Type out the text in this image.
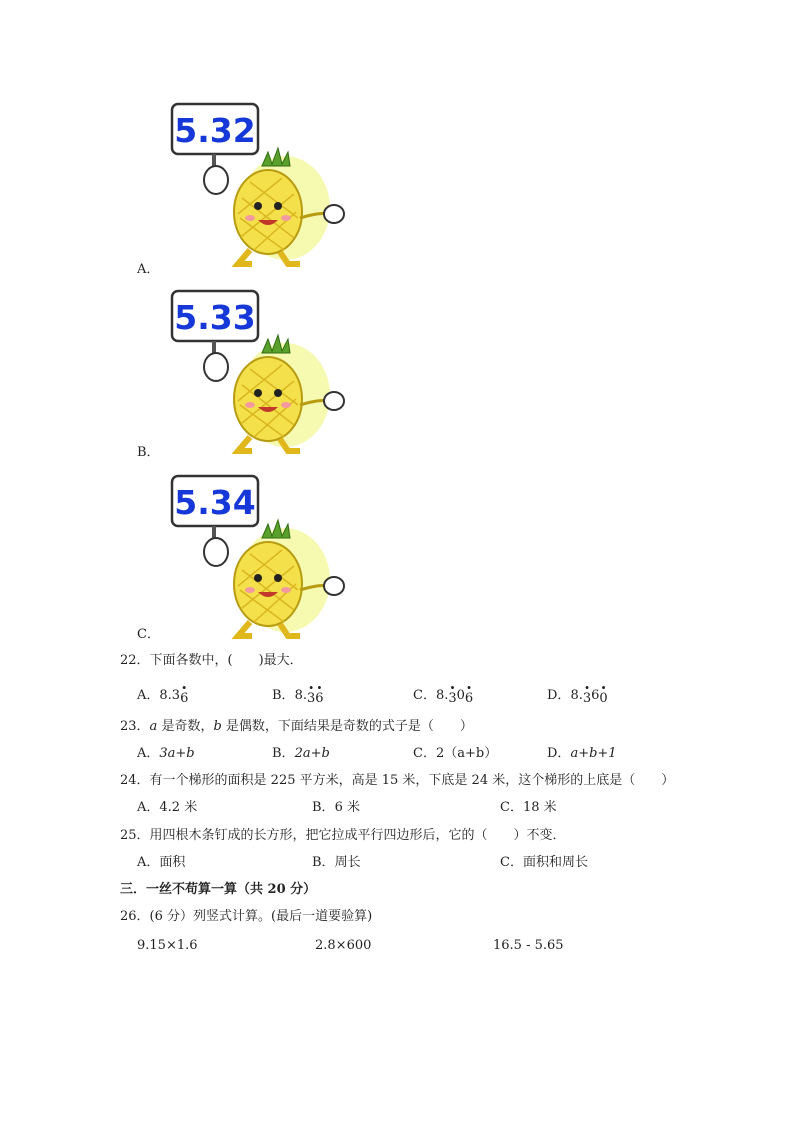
5.32
A．
5.33
B．
5.34
C．
22．下面各数中，(　　)最大．
A．8.3· 6	B．8.· 3· 6	C．8.· 30· 6	D．8.· 36· 0
23．a 是奇数，b 是偶数，下面结果是奇数的式子是（　　）
A．3a+b	B．2a+b	C．2（a+b）	D．a+b+1
24．有一个梯形的面积是 225 平方米，高是 15 米，下底是 24 米，这个梯形的上底是（　　）
A．4.2 米	B．6 米	C．18 米
25．用四根木条钉成的长方形，把它拉成平行四边形后，它的（　　）不变．
A．面积	B．周长	C．面积和周长
三．一丝不苟算一算（共 20 分）
26．(6 分）列竖式计算。(最后一道要验算)
9.15×1.6	2.8×600	16.5 - 5.65
